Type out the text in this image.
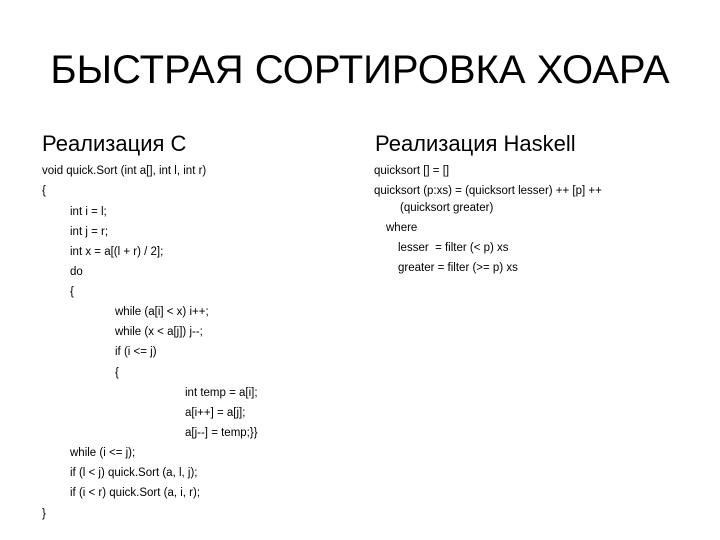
БЫСТРАЯ СОРТИРОВКА ХОАРА
Реализация C	Реализация Haskell
void quick.Sort (int a[], int l, int r)
{
int i = l;
int j = r;
int x = a[(l + r) / 2];
do
{
while (a[i] < x) i++;
while (x < a[j]) j--;
if (i <= j)
{
int temp = a[i];
a[i++] = a[j];
a[j--] = temp;}}
while (i <= j);
if (l < j) quick.Sort (a, l, j);
if (i < r) quick.Sort (a, i, r);
}
quicksort [] = []
quicksort (p:xs) = (quicksort lesser) ++ [p] ++
(quicksort greater)
where
lesser  = filter (< p) xs
greater = filter (>= p) xs
